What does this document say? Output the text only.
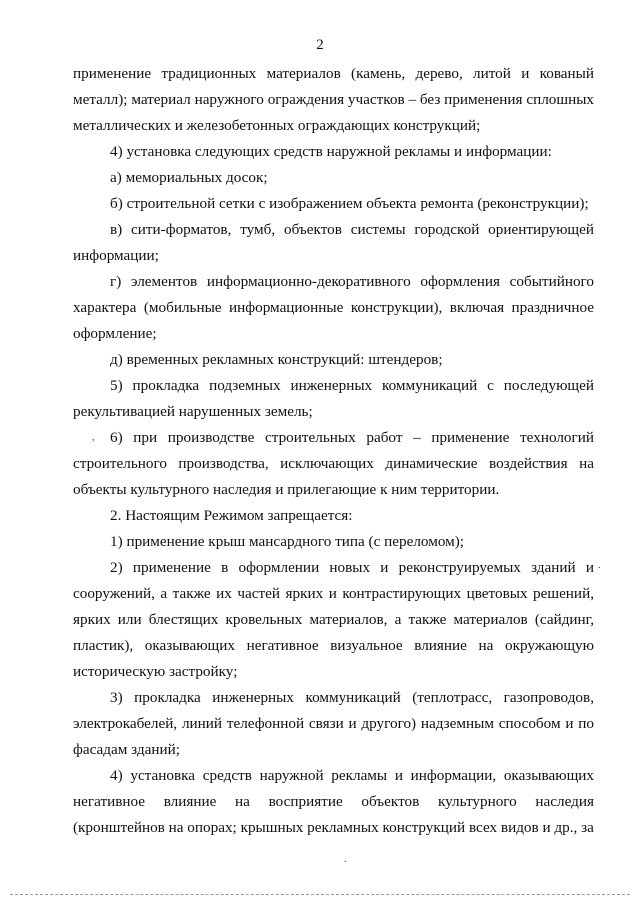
2

применение традиционных материалов (камень, дерево, литой и кованый металл); материал наружного ограждения участков – без применения сплошных металлических и железобетонных ограждающих конструкций;

4) установка следующих средств наружной рекламы и информации:

а) мемориальных досок;

б) строительной сетки с изображением объекта ремонта (реконструкции);

в) сити-форматов, тумб, объектов системы городской ориентирующей информации;

г) элементов информационно-декоративного оформления событийного характера (мобильные информационные конструкции), включая праздничное оформление;

д) временных рекламных конструкций: штендеров;

5) прокладка подземных инженерных коммуникаций с последующей рекультивацией нарушенных земель;

6) при производстве строительных работ – применение технологий строительного производства, исключающих динамические воздействия на объекты культурного наследия и прилегающие к ним территории.

2. Настоящим Режимом запрещается:

1) применение крыш мансардного типа (с переломом);

2) применение в оформлении новых и реконструируемых зданий и сооружений, а также их частей ярких и контрастирующих цветовых решений, ярких или блестящих кровельных материалов, а также материалов (сайдинг, пластик), оказывающих негативное визуальное влияние на окружающую историческую застройку;

3) прокладка инженерных коммуникаций (теплотрасс, газопроводов, электрокабелей, линий телефонной связи и другого) надземным способом и по фасадам зданий;

4) установка средств наружной рекламы и информации, оказывающих негативное влияние на восприятие объектов культурного наследия (кронштейнов на опорах; крышных рекламных конструкций всех видов и др., за

,
.
.
